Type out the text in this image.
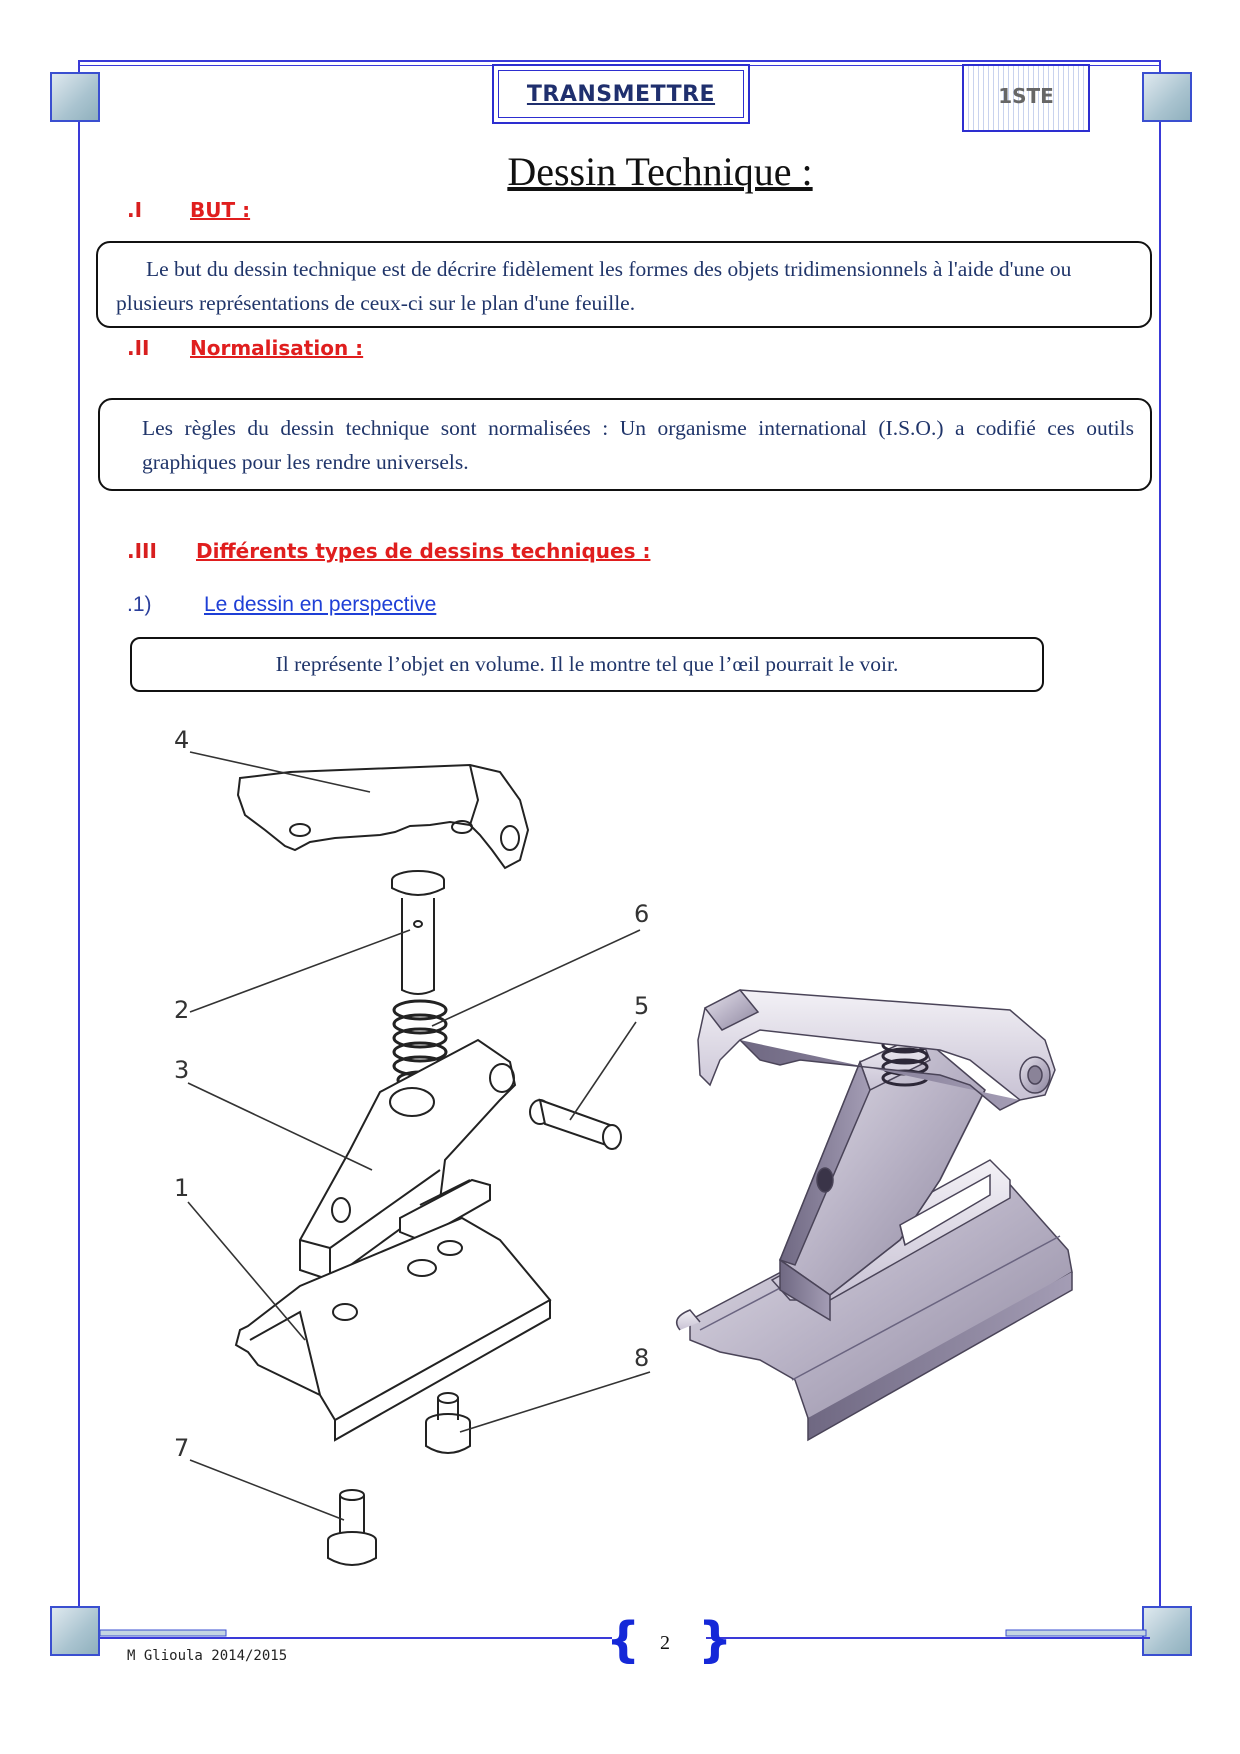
TRANSMETTRE	1STE
Dessin Technique :
.I BUT :
Le but du dessin technique est de décrire fidèlement les formes des objets tridimensionnels à l'aide d'une ou plusieurs représentations de ceux-ci sur le plan d'une feuille.
.II Normalisation :
Les règles du dessin technique sont normalisées : Un organisme international (I.S.O.) a codifié ces outils graphiques pour les rendre universels.
.III Différents types de dessins techniques :
.1) Le dessin en perspective
Il représente l’objet en volume. Il le montre tel que l’œil pourrait le voir.
4
2
6
5
3
1
8
7
{ }
2
M Glioula 2014/2015
